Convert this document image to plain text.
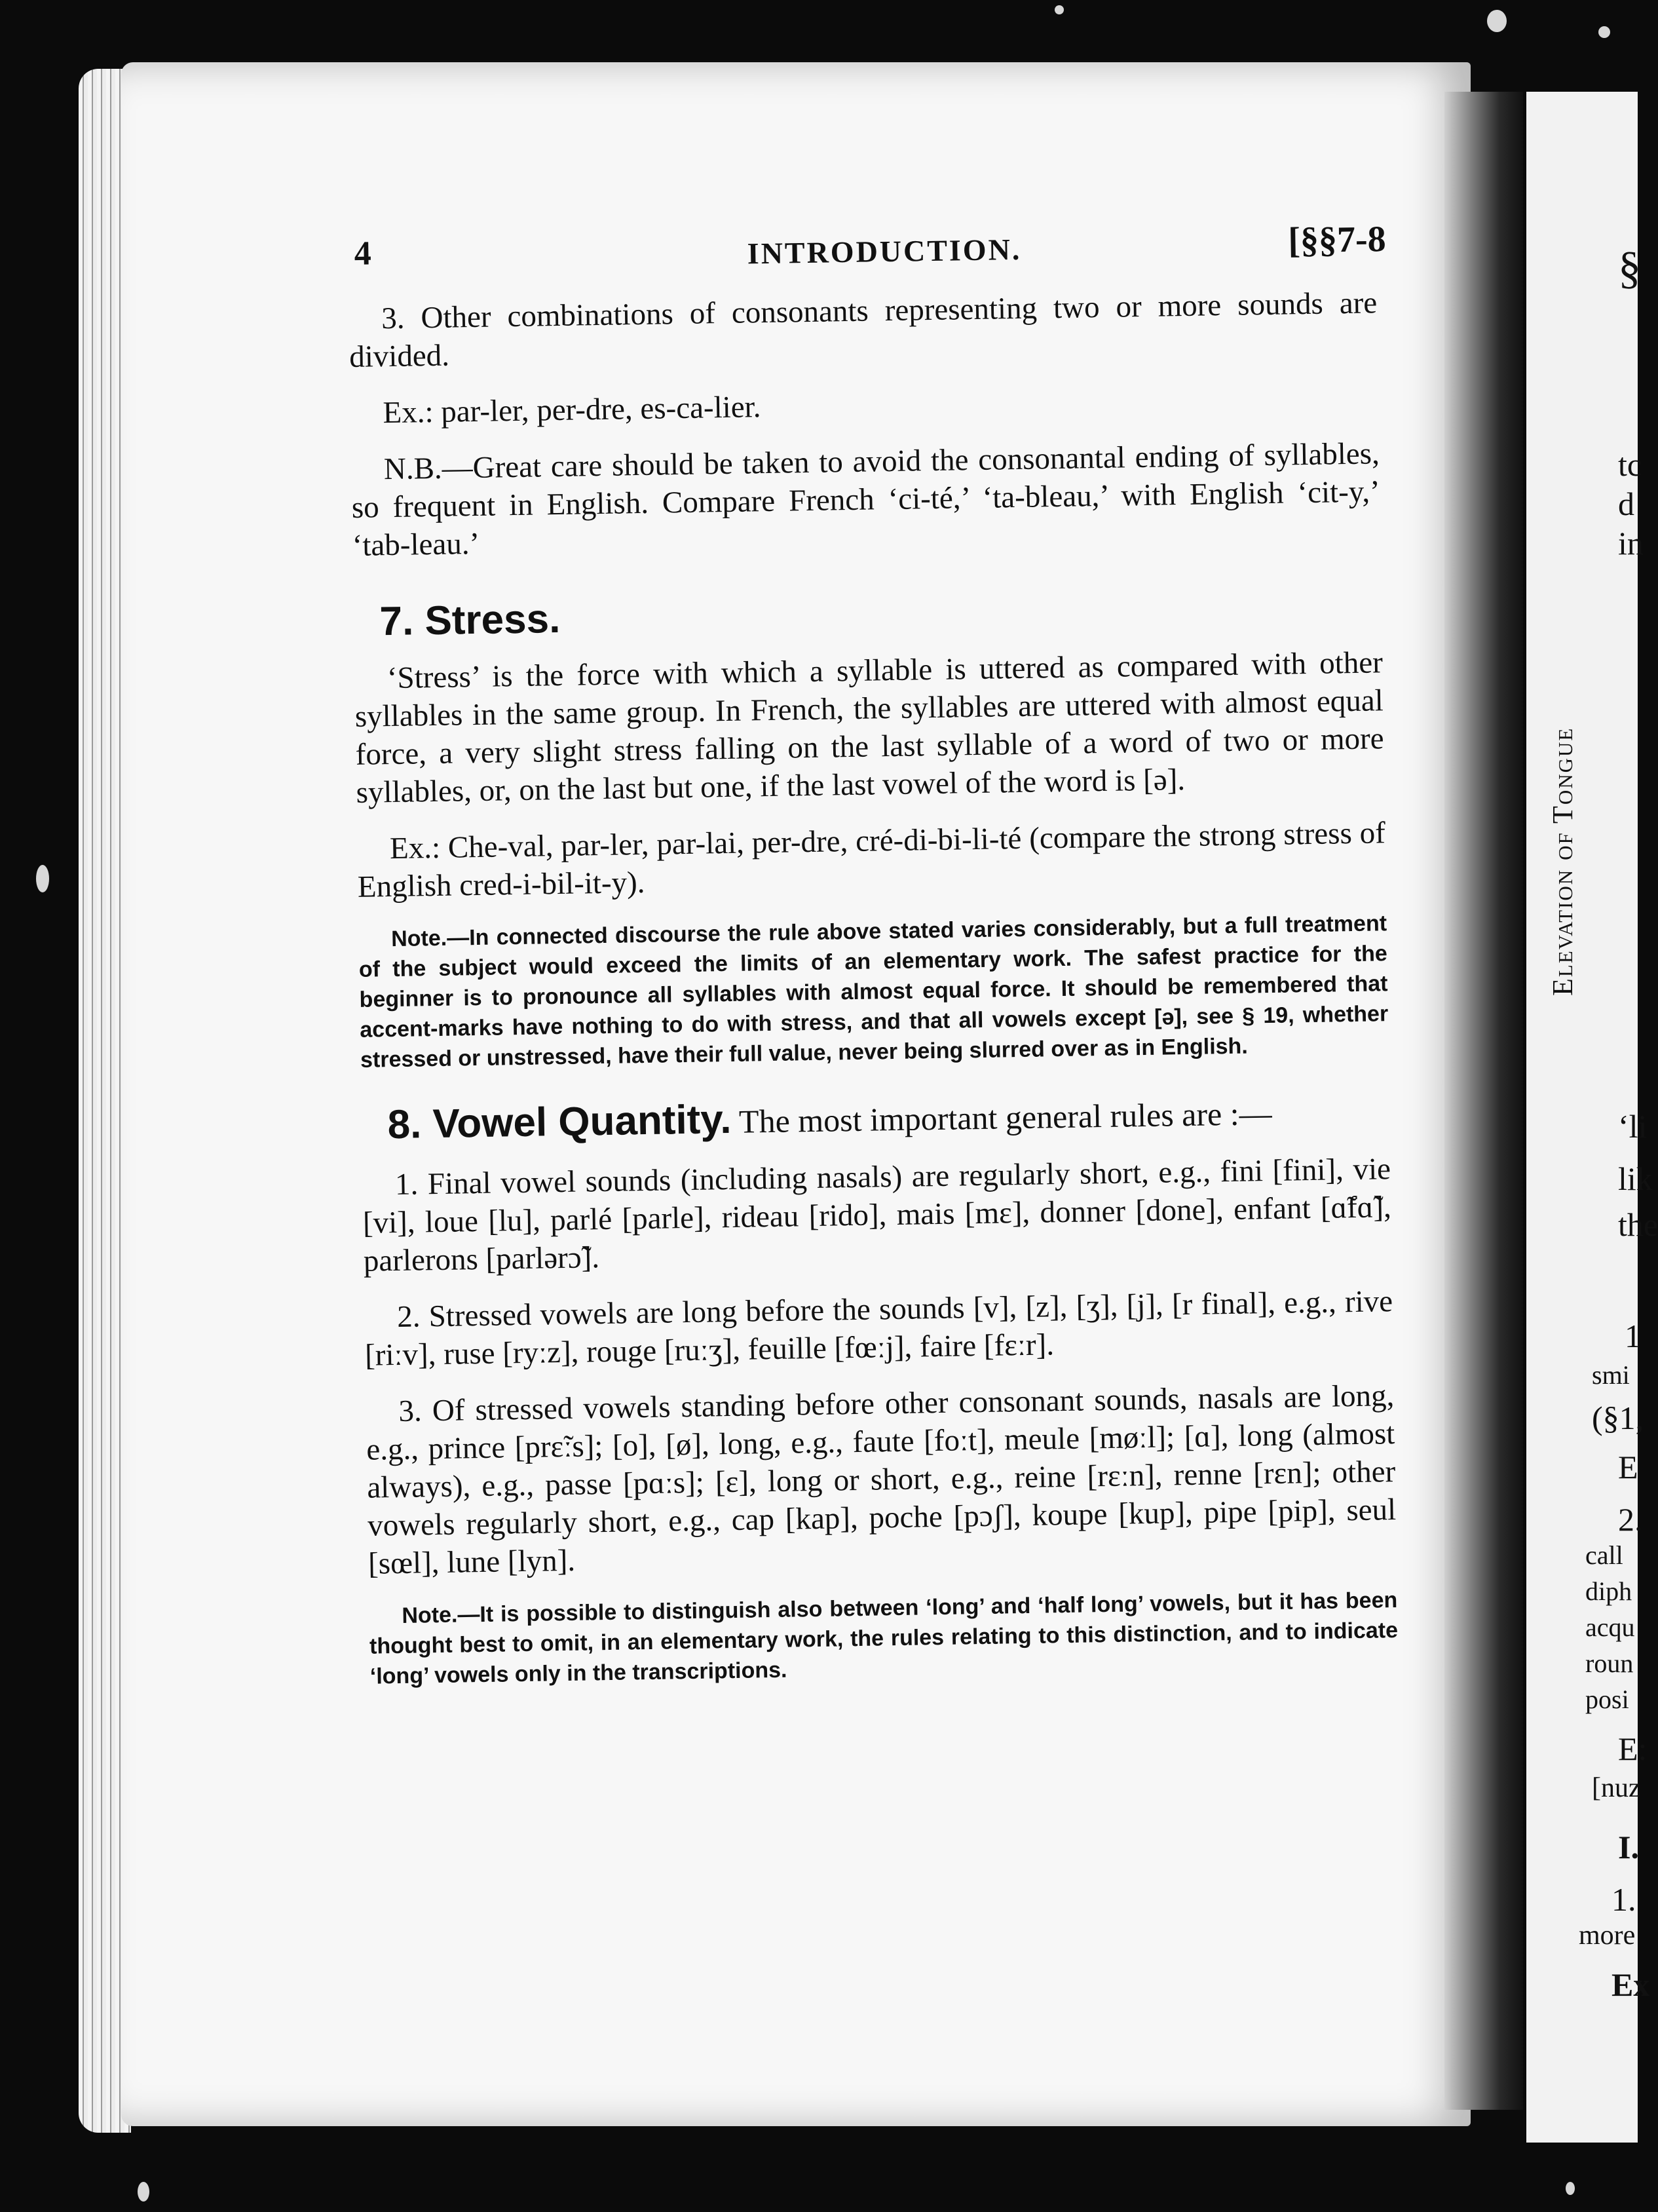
4	INTRODUCTION.	[§§7-8

3. Other combinations of consonants representing two or more sounds are divided.

Ex.: par-ler, per-dre, es-ca-lier.

N.B.—Great care should be taken to avoid the consonantal ending of syllables, so frequent in English. Compare French ‘ci-té,’ ‘ta-bleau,’ with English ‘cit-y,’ ‘tab-leau.’

7. Stress.

‘Stress’ is the force with which a syllable is uttered as compared with other syllables in the same group. In French, the syllables are uttered with almost equal force, a very slight stress falling on the last syllable of a word of two or more syllables, or, on the last but one, if the last vowel of the word is [ə].

Ex.: Che-val, par-ler, par-lai, per-dre, cré-di-bi-li-té (compare the strong stress of English cred-i-bil-it-y).

Note.—In connected discourse the rule above stated varies considerably, but a full treatment of the subject would exceed the limits of an elementary work. The safest practice for the beginner is to pronounce all syllables with almost equal force. It should be remembered that accent-marks have nothing to do with stress, and that all vowels except [ə], see § 19, whether stressed or unstressed, have their full value, never being slurred over as in English.

8. Vowel Quantity. The most important general rules are :—

1. Final vowel sounds (including nasals) are regularly short, e.g., fini [fini], vie [vi], loue [lu], parlé [parle], rideau [rido], mais [mɛ], donner [done], enfant [ɑ̃fɑ̃], parlerons [parlərɔ̃].

2. Stressed vowels are long before the sounds [v], [z], [ʒ], [j], [r final], e.g., rive [riːv], ruse [ryːz], rouge [ruːʒ], feuille [fœːj], faire [fɛːr].

3. Of stressed vowels standing before other consonant sounds, nasals are long, e.g., prince [prɛ̃ːs]; [o], [ø], long, e.g., faute [foːt], meule [møːl]; [ɑ], long (almost always), e.g., passe [pɑːs]; [ɛ], long or short, e.g., reine [rɛːn], renne [rɛn]; other vowels regularly short, e.g., cap [kap], poche [pɔʃ], koupe [kup], pipe [pip], seul [sœl], lune [lyn].

Note.—It is possible to distinguish also between ‘long’ and ‘half long’ vowels, but it has been thought best to omit, in an elementary work, the rules relating to this distinction, and to indicate ‘long’ vowels only in the transcriptions.

§
tc
d
in
Elevation of Tongue
‘li
lik
the
1
smi
(§1,
E
2.
call
diph
acqu
roun
posi
E:
[nuz
I.
1.
more
Ex
